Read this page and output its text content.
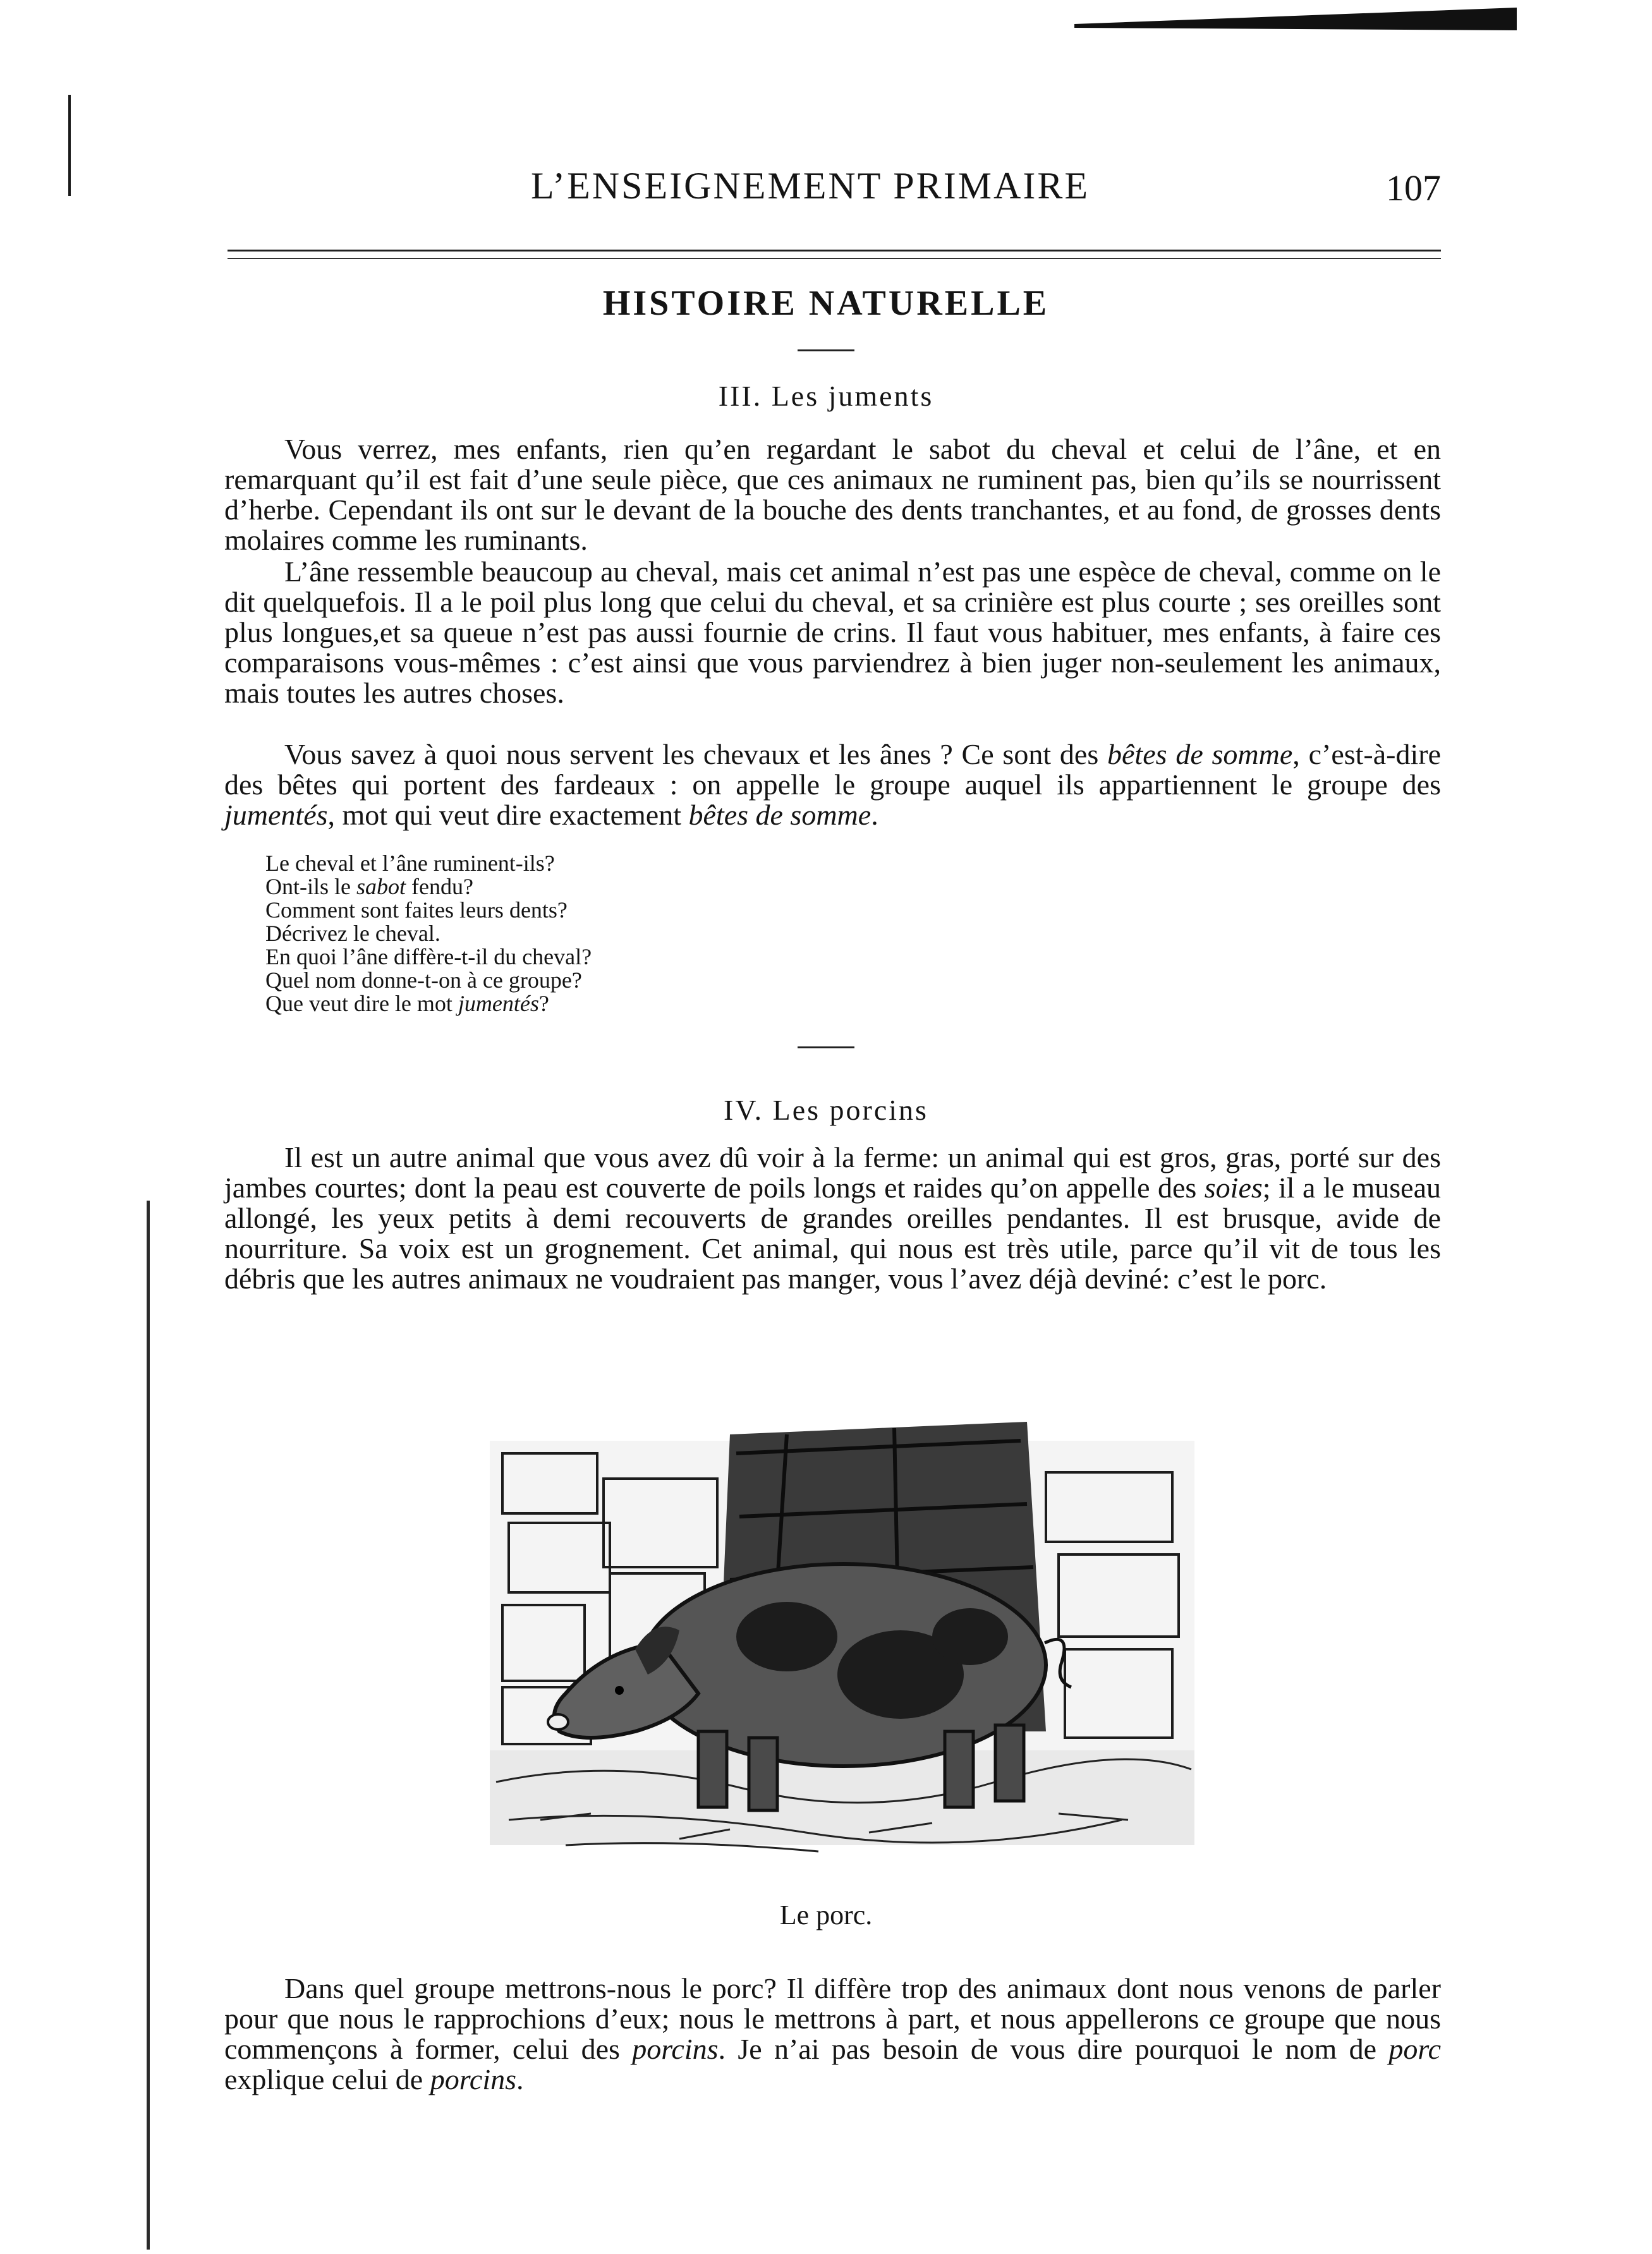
L’ENSEIGNEMENT PRIMAIRE	107
HISTOIRE NATURELLE
III. Les juments

Vous verrez, mes enfants, rien qu’en regardant le sabot du cheval et celui de l’âne, et en remarquant qu’il est fait d’une seule pièce, que ces animaux ne ruminent pas, bien qu’ils se nourrissent d’herbe. Cependant ils ont sur le devant de la bouche des dents tranchantes, et au fond, de grosses dents molaires comme les ruminants.

L’âne ressemble beaucoup au cheval, mais cet animal n’est pas une espèce de cheval, comme on le dit quelquefois. Il a le poil plus long que celui du cheval, et sa crinière est plus courte ; ses oreilles sont plus longues,et sa queue n’est pas aussi fournie de crins. Il faut vous habituer, mes enfants, à faire ces comparaisons vous-mêmes : c’est ainsi que vous parviendrez à bien juger non-seulement les animaux, mais toutes les autres choses.

Vous savez à quoi nous servent les chevaux et les ânes ? Ce sont des bêtes de somme, c’est-à-dire des bêtes qui portent des fardeaux : on appelle le groupe auquel ils appartiennent le groupe des jumentés, mot qui veut dire exactement bêtes de somme.

Le cheval et l’âne ruminent-ils?
Ont-ils le sabot fendu?
Comment sont faites leurs dents?
Décrivez le cheval.
En quoi l’âne diffère-t-il du cheval?
Quel nom donne-t-on à ce groupe?
Que veut dire le mot jumentés?
IV. Les porcins

Il est un autre animal que vous avez dû voir à la ferme: un animal qui est gros, gras, porté sur des jambes courtes; dont la peau est couverte de poils longs et raides qu’on appelle des soies; il a le museau allongé, les yeux petits à demi recouverts de grandes oreilles pendantes. Il est brusque, avide de nourriture. Sa voix est un grognement. Cet animal, qui nous est très utile, parce qu’il vit de tous les débris que les autres animaux ne voudraient pas manger, vous l’avez déjà deviné: c’est le porc.

Le porc.

Dans quel groupe mettrons-nous le porc? Il diffère trop des animaux dont nous venons de parler pour que nous le rapprochions d’eux; nous le mettrons à part, et nous appellerons ce groupe que nous commençons à former, celui des porcins. Je n’ai pas besoin de vous dire pourquoi le nom de porc explique celui de porcins.
